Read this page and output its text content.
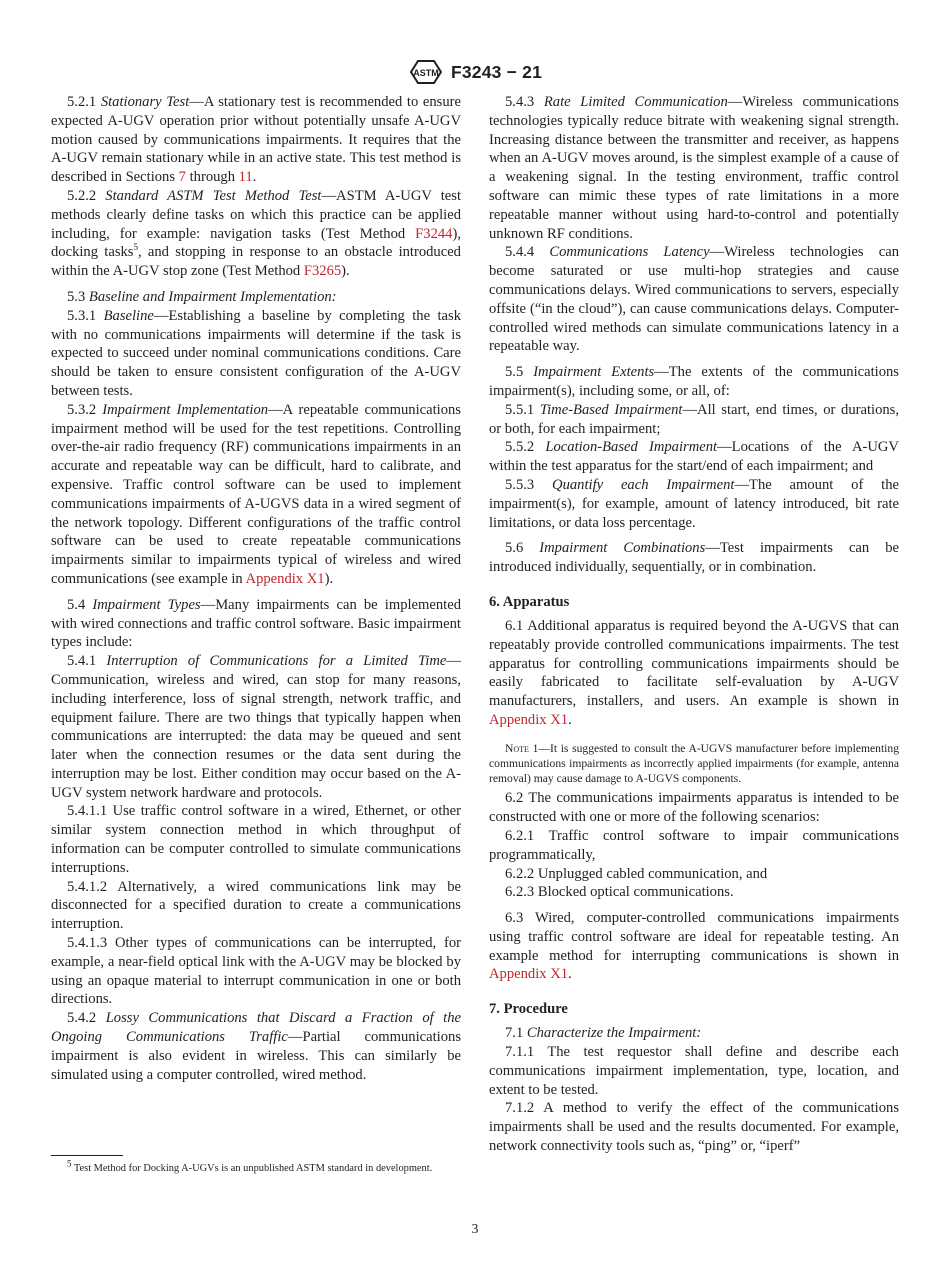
ASTM F3243 − 21

5.2.1 Stationary Test—A stationary test is recommended to ensure expected A-UGV operation prior without potentially unsafe A-UGV motion caused by communications impairments. It requires that the A-UGV remain stationary while in an active state. This test method is described in Sections 7 through 11.

5.2.2 Standard ASTM Test Method Test—ASTM A-UGV test methods clearly define tasks on which this practice can be applied including, for example: navigation tasks (Test Method F3244), docking tasks$^5$, and stopping in response to an obstacle introduced within the A-UGV stop zone (Test Method F3265).

5.3 Baseline and Impairment Implementation:

5.3.1 Baseline—Establishing a baseline by completing the task with no communications impairments will determine if the task is expected to succeed under nominal communications conditions. Care should be taken to ensure consistent configuration of the A-UGV between tests.

5.3.2 Impairment Implementation—A repeatable communications impairment method will be used for the test repetitions. Controlling over-the-air radio frequency (RF) communications impairments in an accurate and repeatable way can be difficult, hard to calibrate, and expensive. Traffic control software can be used to implement communications impairments of A-UGVS data in a wired segment of the network topology. Different configurations of the traffic control software can be used to create repeatable communications impairments similar to impairments typical of wireless and wired communications (see example in Appendix X1).

5.4 Impairment Types—Many impairments can be implemented with wired connections and traffic control software. Basic impairment types include:

5.4.1 Interruption of Communications for a Limited Time—Communication, wireless and wired, can stop for many reasons, including interference, loss of signal strength, network traffic, and equipment failure. There are two things that typically happen when communications are interrupted: the data may be queued and sent later when the connection resumes or the data sent during the interruption may be lost. Either condition may occur based on the A-UGV system network hardware and protocols.

5.4.1.1 Use traffic control software in a wired, Ethernet, or other similar system connection method in which throughput of information can be computer controlled to simulate communications interruptions.

5.4.1.2 Alternatively, a wired communications link may be disconnected for a specified duration to create a communications interruption.

5.4.1.3 Other types of communications can be interrupted, for example, a near-field optical link with the A-UGV may be blocked by using an opaque material to interrupt communication in one or both directions.

5.4.2 Lossy Communications that Discard a Fraction of the Ongoing Communications Traffic—Partial communications impairment is also evident in wireless. This can similarly be simulated using a computer controlled, wired method.

$^5$ Test Method for Docking A-UGVs is an unpublished ASTM standard in development.

5.4.3 Rate Limited Communication—Wireless communications technologies typically reduce bitrate with weakening signal strength. Increasing distance between the transmitter and receiver, as happens when an A-UGV moves around, is the simplest example of a cause of a weakening signal. In the testing environment, traffic control software can mimic these types of rate limitations in a more repeatable manner without using hard-to-control and potentially unknown RF conditions.

5.4.4 Communications Latency—Wireless technologies can become saturated or use multi-hop strategies and cause communications delays. Wired communications to servers, especially offsite (“in the cloud”), can cause communications delays. Computer-controlled wired methods can simulate communications latency in a repeatable way.

5.5 Impairment Extents—The extents of the communications impairment(s), including some, or all, of:

5.5.1 Time-Based Impairment—All start, end times, or durations, or both, for each impairment;

5.5.2 Location-Based Impairment—Locations of the A-UGV within the test apparatus for the start/end of each impairment; and

5.5.3 Quantify each Impairment—The amount of the impairment(s), for example, amount of latency introduced, bit rate limitations, or data loss percentage.

5.6 Impairment Combinations—Test impairments can be introduced individually, sequentially, or in combination.

6. Apparatus

6.1 Additional apparatus is required beyond the A-UGVS that can repeatably provide controlled communications impairments. The test apparatus for controlling communications impairments should be easily fabricated to facilitate self-evaluation by A-UGV manufacturers, installers, and users. An example is shown in Appendix X1.

Note 1—It is suggested to consult the A-UGVS manufacturer before implementing communications impairments as incorrectly applied impairments (for example, antenna removal) may cause damage to A-UGVS components.

6.2 The communications impairments apparatus is intended to be constructed with one or more of the following scenarios:

6.2.1 Traffic control software to impair communications programmatically,

6.2.2 Unplugged cabled communication, and

6.2.3 Blocked optical communications.

6.3 Wired, computer-controlled communications impairments using traffic control software are ideal for repeatable testing. An example method for interrupting communications is shown in Appendix X1.

7. Procedure

7.1 Characterize the Impairment:

7.1.1 The test requestor shall define and describe each communications impairment implementation, type, location, and extent to be tested.

7.1.2 A method to verify the effect of the communications impairments shall be used and the results documented. For example, network connectivity tools such as, “ping” or, “iperf”

3
